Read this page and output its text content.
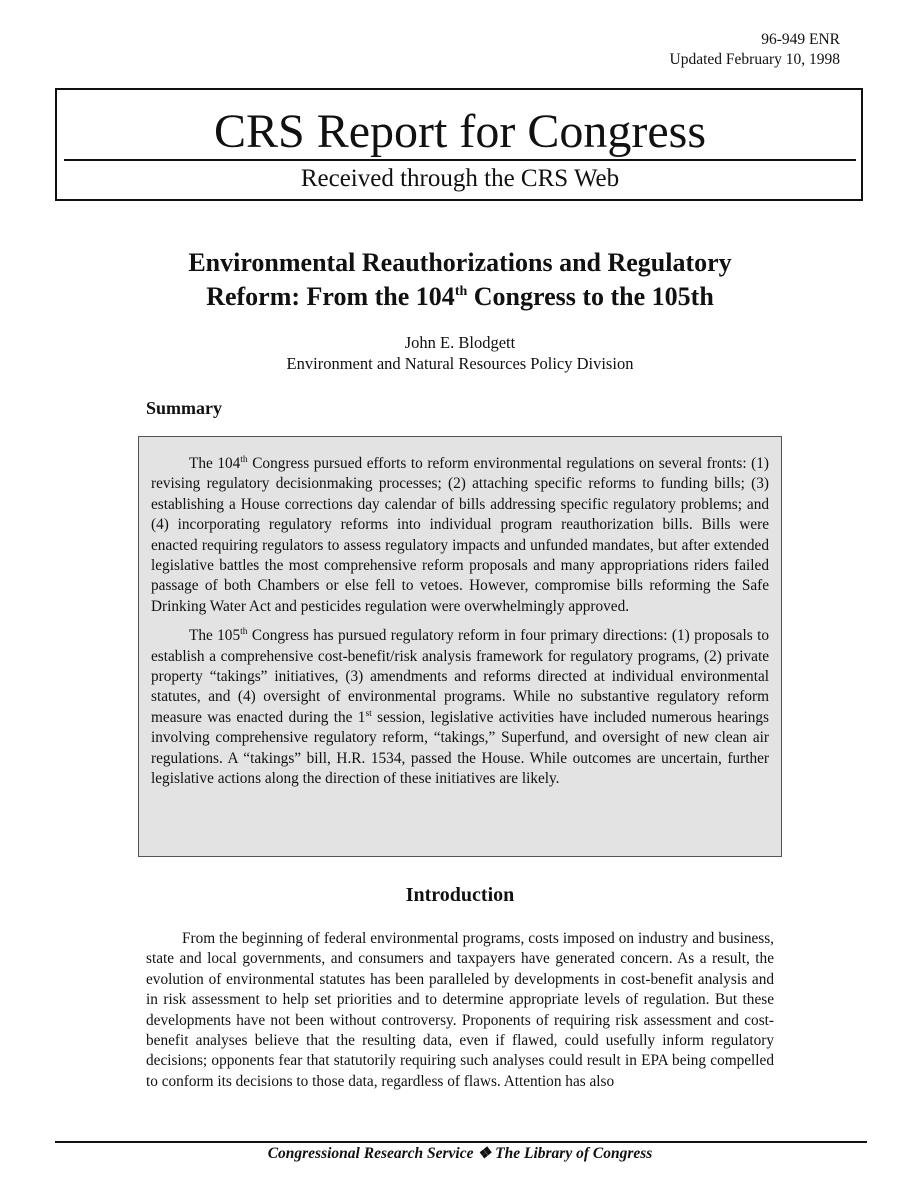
96-949 ENR
Updated February 10, 1998
CRS Report for Congress
Received through the CRS Web
Environmental Reauthorizations and Regulatory
Reform: From the 104th Congress to the 105th
John E. Blodgett
Environment and Natural Resources Policy Division
Summary

The 104th Congress pursued efforts to reform environmental regulations on several fronts: (1) revising regulatory decisionmaking processes; (2) attaching specific reforms to funding bills; (3) establishing a House corrections day calendar of bills addressing specific regulatory problems; and (4) incorporating regulatory reforms into individual program reauthorization bills. Bills were enacted requiring regulators to assess regulatory impacts and unfunded mandates, but after extended legislative battles the most comprehensive reform proposals and many appropriations riders failed passage of both Chambers or else fell to vetoes. However, compromise bills reforming the Safe Drinking Water Act and pesticides regulation were overwhelmingly approved.

The 105th Congress has pursued regulatory reform in four primary directions: (1) proposals to establish a comprehensive cost-benefit/risk analysis framework for regulatory programs, (2) private property “takings” initiatives, (3) amendments and reforms directed at individual environmental statutes, and (4) oversight of environmental programs. While no substantive regulatory reform measure was enacted during the 1st session, legislative activities have included numerous hearings involving comprehensive regulatory reform, “takings,” Superfund, and oversight of new clean air regulations. A “takings” bill, H.R. 1534, passed the House. While outcomes are uncertain, further legislative actions along the direction of these initiatives are likely.

Introduction

From the beginning of federal environmental programs, costs imposed on industry and business, state and local governments, and consumers and taxpayers have generated concern. As a result, the evolution of environmental statutes has been paralleled by developments in cost-benefit analysis and in risk assessment to help set priorities and to determine appropriate levels of regulation. But these developments have not been without controversy. Proponents of requiring risk assessment and cost-benefit analyses believe that the resulting data, even if flawed, could usefully inform regulatory decisions; opponents fear that statutorily requiring such analyses could result in EPA being compelled to conform its decisions to those data, regardless of flaws. Attention has also

Congressional Research Service ❖ The Library of Congress
